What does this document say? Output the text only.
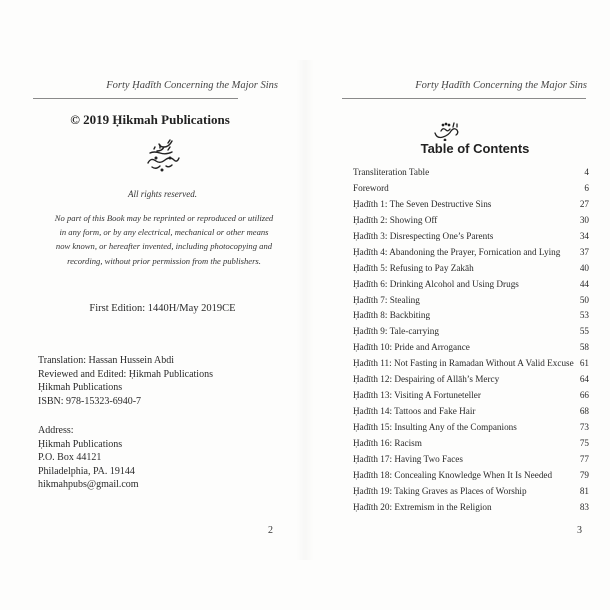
Forty Ḥadīth Concerning the Major Sins
© 2019 Ḥikmah Publications
All rights reserved.
No part of this Book may be reprinted or reproduced or utilized
in any form, or by any electrical, mechanical or other means
now known, or hereafter invented, including photocopying and
recording, without prior permission from the publishers.
First Edition: 1440H/May 2019CE
Translation: Hassan Hussein Abdi
Reviewed and Edited: Ḥikmah Publications
Ḥikmah Publications
ISBN: 978-15323-6940-7
Address:
Ḥikmah Publications
P.O. Box 44121
Philadelphia, PA. 19144
hikmahpubs@gmail.com
2
Forty Ḥadīth Concerning the Major Sins
Table of Contents
Transliteration Table	4
Foreword	6
Ḥadīth 1: The Seven Destructive Sins	27
Ḥadīth 2: Showing Off	30
Ḥadīth 3: Disrespecting One’s Parents	34
Ḥadīth 4: Abandoning the Prayer, Fornication and Lying	37
Ḥadīth 5: Refusing to Pay Zakāh	40
Ḥadīth 6: Drinking Alcohol and Using Drugs	44
Ḥadīth 7: Stealing	50
Ḥadīth 8: Backbiting	53
Ḥadīth 9: Tale-carrying	55
Ḥadīth 10: Pride and Arrogance	58
Ḥadīth 11: Not Fasting in Ramadan Without A Valid Excuse 61
Ḥadīth 12: Despairing of Allāh’s Mercy	64
Ḥadīth 13: Visiting A Fortuneteller	66
Ḥadīth 14: Tattoos and Fake Hair	68
Ḥadīth 15: Insulting Any of the Companions	73
Ḥadīth 16: Racism	75
Ḥadīth 17: Having Two Faces	77
Ḥadīth 18: Concealing Knowledge When It Is Needed	79
Ḥadīth 19: Taking Graves as Places of Worship	81
Ḥadīth 20: Extremism in the Religion	83
3
